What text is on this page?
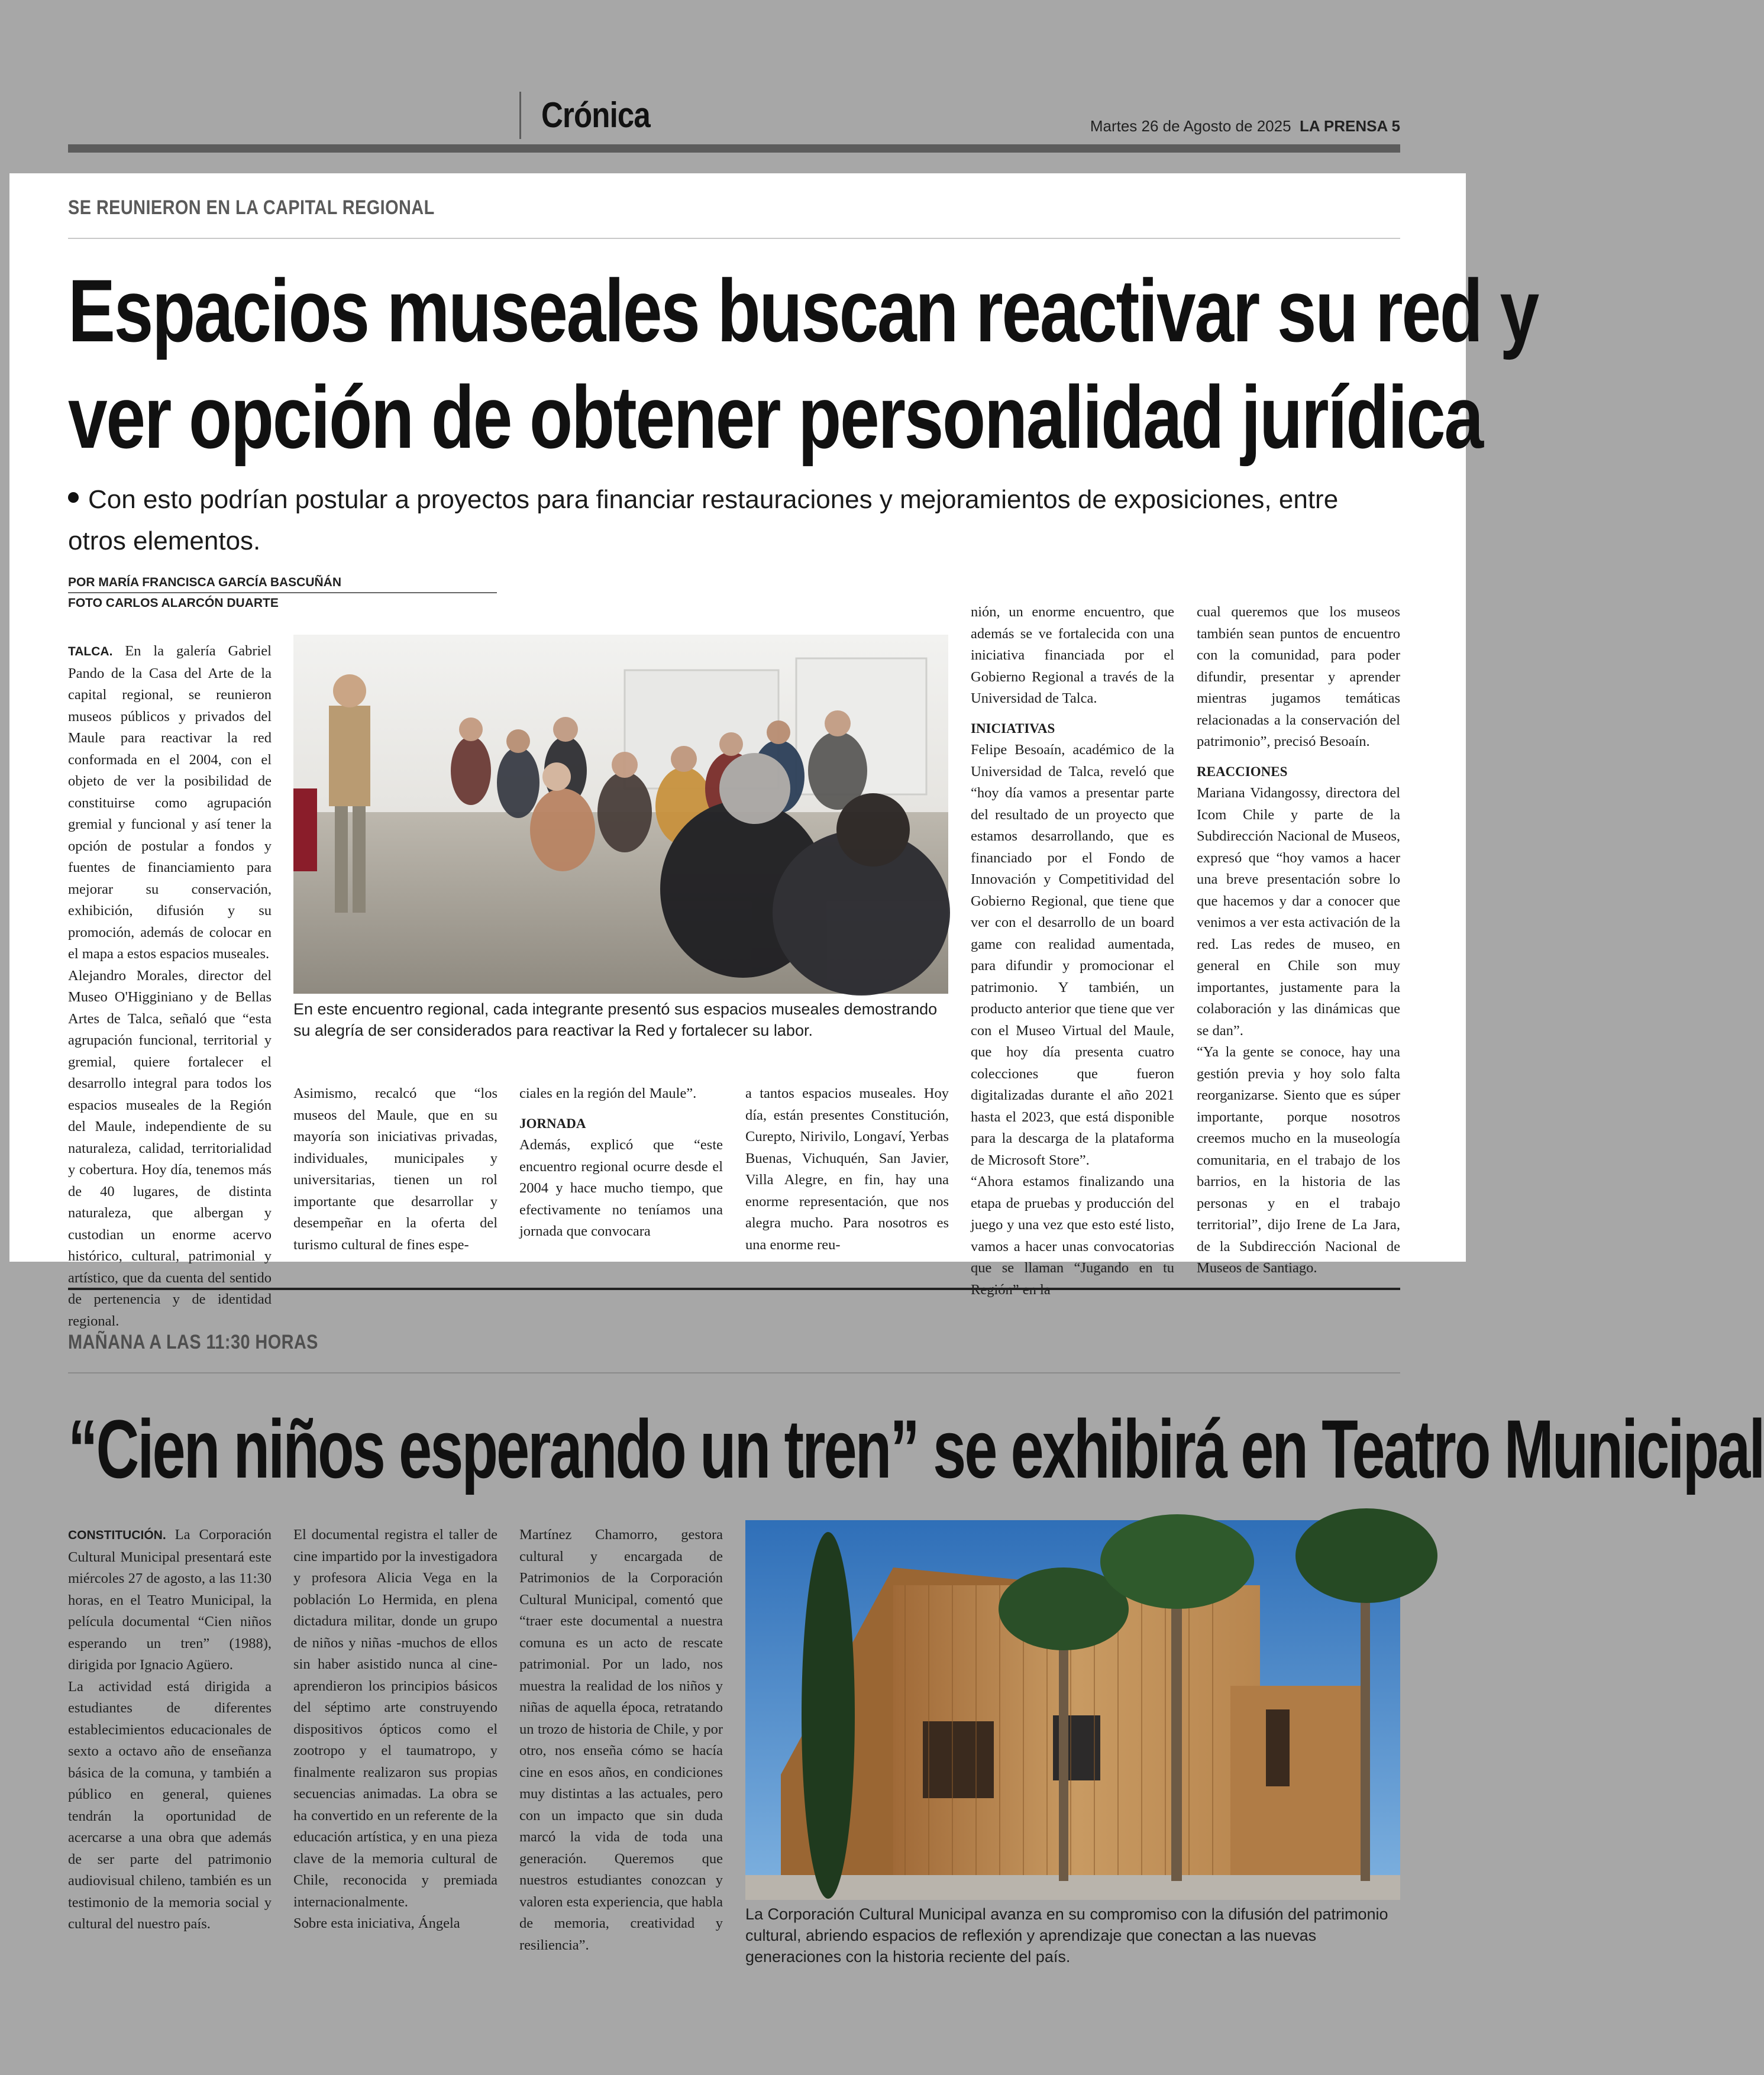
Crónica	Martes 26 de Agosto de 2025 LA PRENSA 5
SE REUNIERON EN LA CAPITAL REGIONAL
Espacios museales buscan reactivar su red y
ver opción de obtener personalidad jurídica
Con esto podrían postular a proyectos para financiar restauraciones y mejoramientos de exposiciones, entre otros elementos.
POR MARÍA FRANCISCA GARCÍA BASCUÑÁN
FOTO CARLOS ALARCÓN DUARTE

TALCA. En la galería Gabriel Pando de la Casa del Arte de la capital regional, se reunieron museos públicos y privados del Maule para reactivar la red conformada en el 2004, con el objeto de ver la posibilidad de constituirse como agrupación gremial y funcional y así tener la opción de postular a fondos y fuentes de financiamiento para mejorar su conservación, exhibición, difusión y su promoción, además de colocar en el mapa a estos espacios museales.

Alejandro Morales, director del Museo O'Higginiano y de Bellas Artes de Talca, señaló que “esta agrupación funcional, territorial y gremial, quiere fortalecer el desarrollo integral para todos los espacios museales de la Región del Maule, independiente de su naturaleza, calidad, territorialidad y cobertura. Hoy día, tenemos más de 40 lugares, de distinta naturaleza, que albergan y custodian un enorme acervo histórico, cultural, patrimonial y artístico, que da cuenta del sentido de pertenencia y de identidad regional.

En este encuentro regional, cada integrante presentó sus espacios museales demostrando su alegría de ser considerados para reactivar la Red y fortalecer su labor.

Asimismo, recalcó que “los museos del Maule, que en su mayoría son iniciativas privadas, individuales, municipales y universitarias, tienen un rol importante que desarrollar y desempeñar en la oferta del turismo cultural de fines espe-

ciales en la región del Maule”.

JORNADA

Además, explicó que “este encuentro regional ocurre desde el 2004 y hace mucho tiempo, que efectivamente no teníamos una jornada que convocara

a tantos espacios museales. Hoy día, están presentes Constitución, Curepto, Nirivilo, Longaví, Yerbas Buenas, Vichuquén, San Javier, Villa Alegre, en fin, hay una enorme representación, que nos alegra mucho. Para nosotros es una enorme reu-

nión, un enorme encuentro, que además se ve fortalecida con una iniciativa financiada por el Gobierno Regional a través de la Universidad de Talca.

INICIATIVAS

Felipe Besoaín, académico de la Universidad de Talca, reveló que “hoy día vamos a presentar parte del resultado de un proyecto que estamos desarrollando, que es financiado por el Fondo de Innovación y Competitividad del Gobierno Regional, que tiene que ver con el desarrollo de un board game con realidad aumentada, para difundir y promocionar el patrimonio. Y también, un producto anterior que tiene que ver con el Museo Virtual del Maule, que hoy día presenta cuatro colecciones que fueron digitalizadas durante el año 2021 hasta el 2023, que está disponible para la descarga de la plataforma de Microsoft Store”.

“Ahora estamos finalizando una etapa de pruebas y producción del juego y una vez que esto esté listo, vamos a hacer unas convocatorias que se llaman “Jugando en tu

cual queremos que los museos también sean puntos de encuentro con la comunidad, para poder difundir, presentar y aprender mientras jugamos temáticas relacionadas a la conservación del patrimonio”, precisó Besoaín.

REACCIONES

Mariana Vidangossy, directora del Icom Chile y parte de la Subdirección Nacional de Museos, expresó que “hoy vamos a hacer una breve presentación sobre lo que hacemos y dar a conocer que venimos a ver esta activación de la red. Las redes de museo, en general en Chile son muy importantes, justamente para la colaboración y las dinámicas que se dan”.

“Ya la gente se conoce, hay una gestión previa y hoy solo falta reorganizarse. Siento que es súper importante, porque nosotros creemos mucho en la museología comunitaria, en el trabajo de los barrios, en la historia de las personas y en el trabajo territorial”, dijo Irene de La Jara, de la Subdirección Nacional de Museos de Santiago.

MAÑANA A LAS 11:30 HORAS
“Cien niños esperando un tren” se exhibirá en Teatro Municipal

CONSTITUCIÓN. La Corporación Cultural Municipal presentará este miércoles 27 de agosto, a las 11:30 horas, en el Teatro Municipal, la película documental “Cien niños esperando un tren” (1988), dirigida por Ignacio Agüero.

La actividad está dirigida a estudiantes de diferentes establecimientos educacionales de sexto a octavo año de enseñanza básica de la comuna, y también a público en general, quienes tendrán la oportunidad de acercarse a una obra que además de ser parte del patrimonio audiovisual chileno, también es un testimonio de la memoria social y cultural del nuestro país.

El documental registra el taller de cine impartido por la investigadora y profesora Alicia Vega en la población Lo Hermida, en plena dictadura militar, donde un grupo de niños y niñas -muchos de ellos sin haber asistido nunca al cine- aprendieron los principios básicos del séptimo arte construyendo dispositivos ópticos como el zootropo y el taumatropo, y finalmente realizaron sus propias secuencias animadas. La obra se ha convertido en un referente de la educación artística, y en una pieza clave de la memoria cultural de Chile, reconocida y premiada internacionalmente.

Sobre esta iniciativa, Ángela

Martínez Chamorro, gestora cultural y encargada de Patrimonios de la Corporación Cultural Municipal, comentó que “traer este documental a nuestra comuna es un acto de rescate patrimonial. Por un lado, nos muestra la realidad de los niños y niñas de aquella época, retratando un trozo de historia de Chile, y por otro, nos enseña cómo se hacía cine en esos años, en condiciones muy distintas a las actuales, pero con un impacto que sin duda marcó la vida de toda una generación. Queremos que nuestros estudiantes conozcan y valoren esta experiencia, que habla de memoria, creatividad y resiliencia”.

La Corporación Cultural Municipal avanza en su compromiso con la difusión del patrimonio cultural, abriendo espacios de reflexión y aprendizaje que conectan a las nuevas generaciones con la historia reciente del país.
